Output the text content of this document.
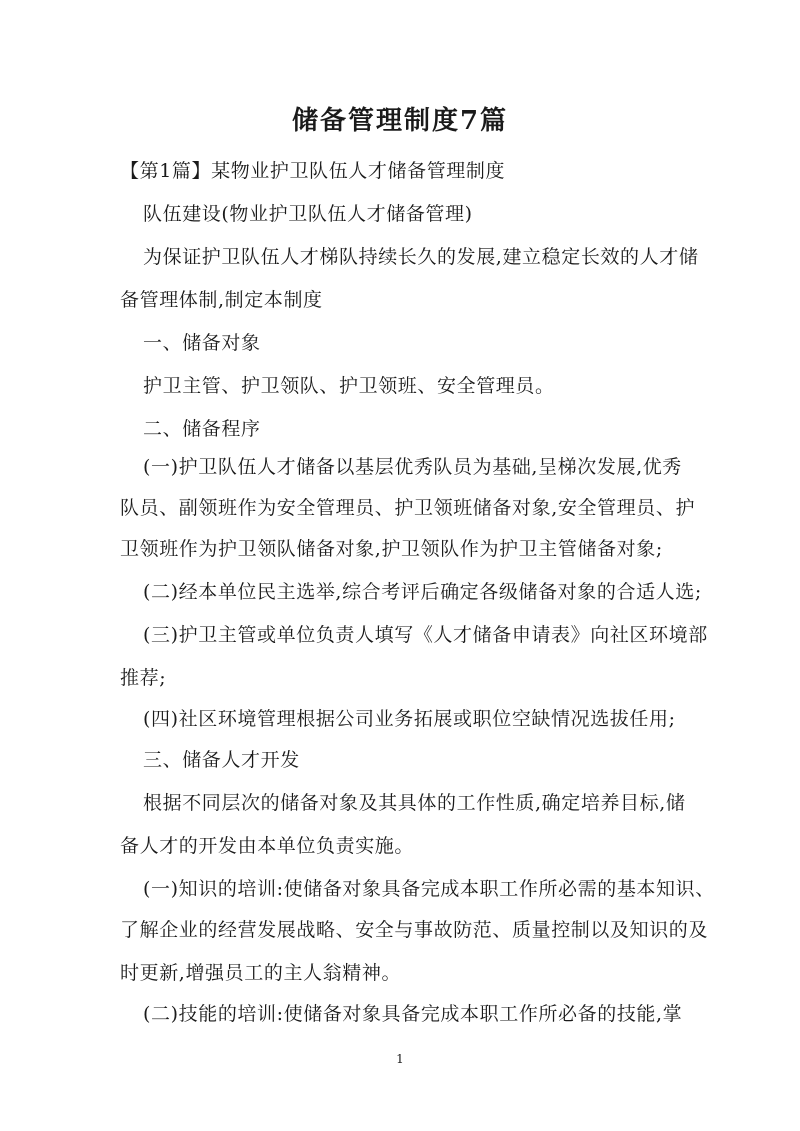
储备管理制度7篇
【第1篇】某物业护卫队伍人才储备管理制度
队伍建设(物业护卫队伍人才储备管理)
为保证护卫队伍人才梯队持续长久的发展,建立稳定长效的人才储
备管理体制,制定本制度
一、储备对象
护卫主管、护卫领队、护卫领班、安全管理员。
二、储备程序
(一)护卫队伍人才储备以基层优秀队员为基础,呈梯次发展,优秀
队员、副领班作为安全管理员、护卫领班储备对象,安全管理员、护
卫领班作为护卫领队储备对象,护卫领队作为护卫主管储备对象;
(二)经本单位民主选举,综合考评后确定各级储备对象的合适人选;
(三)护卫主管或单位负责人填写《人才储备申请表》向社区环境部
推荐;
(四)社区环境管理根据公司业务拓展或职位空缺情况选拔任用;
三、储备人才开发
根据不同层次的储备对象及其具体的工作性质,确定培养目标,储
备人才的开发由本单位负责实施。
(一)知识的培训:使储备对象具备完成本职工作所必需的基本知识、
了解企业的经营发展战略、安全与事故防范、质量控制以及知识的及
时更新,增强员工的主人翁精神。
(二)技能的培训:使储备对象具备完成本职工作所必备的技能,掌
1
